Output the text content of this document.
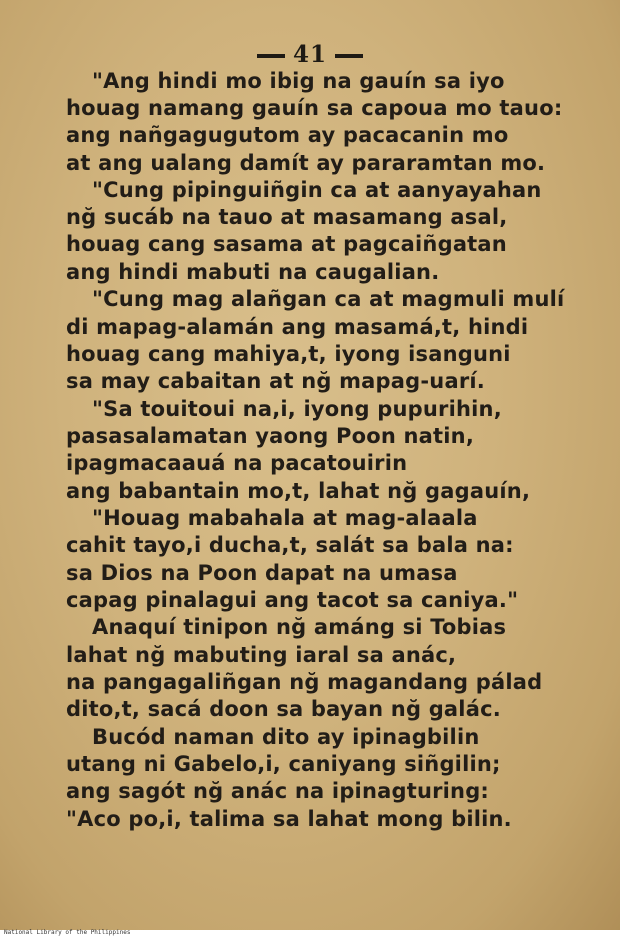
41
"Ang hindi mo ibig na gauín sa iyo
houag namang gauín sa capoua mo tauo:
ang nañgagugutom ay pacacanin mo
at ang ualang damít ay pararamtan mo.
"Cung pipinguiñgin ca at aanyayahan
nğ sucáb na tauo at masamang asal,
houag cang sasama at pagcaiñgatan
ang hindi mabuti na caugalian.
"Cung mag alañgan ca at magmuli mulí
di mapag-alamán ang masamá,t, hindi
houag cang mahiya,t, iyong isanguni
sa may cabaitan at nğ mapag-uarí.
"Sa touitoui na,i, iyong pupurihin,
pasasalamatan yaong Poon natin,
ipagmacaauá na pacatouirin
ang babantain mo,t, lahat nğ gagauín,
"Houag mabahala at mag-alaala
cahit tayo,i ducha,t, salát sa bala na:
sa Dios na Poon dapat na umasa
capag pinalagui ang tacot sa caniya."
Anaquí tinipon nğ amáng si Tobias
lahat nğ mabuting iaral sa anác,
na pangagaliñgan nğ magandang pálad
dito,t, sacá doon sa bayan nğ galác.
Bucód naman dito ay ipinagbilin
utang ni Gabelo,i, caniyang siñgilin;
ang sagót nğ anác na ipinagturing:
"Aco po,i, talima sa lahat mong bilin.
National Library of the Philippines
